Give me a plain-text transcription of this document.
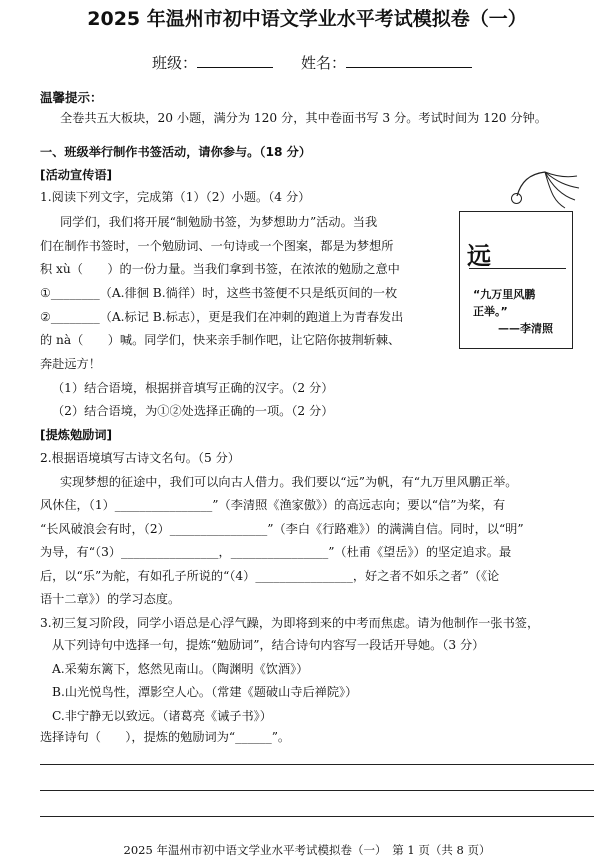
2025 年温州市初中语文学业水平考试模拟卷（一）
班级：	姓名：
温馨提示：
全卷共五大板块，20 小题，满分为 120 分，其中卷面书写 3 分。考试时间为 120 分钟。
一、班级举行制作书签活动，请你参与。（18 分）
[活动宣传语]
1.阅读下列文字，完成第（1）（2）小题。（4 分）
同学们，我们将开展“制勉励书签，为梦想助力”活动。当我
们在制作书签时，一个勉励词、一句诗或一个图案，都是为梦想所
积 xù（　　）的一份力量。当我们拿到书签，在浓浓的勉励之意中
①________（A.徘徊 B.徜徉）时，这些书签便不只是纸页间的一枚
②________（A.标记 B.标志），更是我们在冲刺的跑道上为青春发出
的 nà（　　）喊。同学们，快来亲手制作吧，让它陪你披荆斩棘、
奔赴远方！
（1）结合语境，根据拼音填写正确的汉字。（2 分）
（2）结合语境，为①②处选择正确的一项。（2 分）
远
“九万里风鹏
正举。”
——李清照
[提炼勉励词]
2.根据语境填写古诗文名句。（5 分）
实现梦想的征途中，我们可以向古人借力。我们要以“远”为帆，有“九万里风鹏正举。
风休住，（1）________________”（李清照《渔家傲》）的高远志向；要以“信”为桨，有
“长风破浪会有时，（2）________________”（李白《行路难》）的满满自信。同时，以“明”
为导，有“（3）________________，________________”（杜甫《望岳》）的坚定追求。最
后，以“乐”为舵，有如孔子所说的“（4）________________，好之者不如乐之者”（《论
语十二章》）的学习态度。
3.初三复习阶段，同学小语总是心浮气躁，为即将到来的中考而焦虑。请为他制作一张书签，
从下列诗句中选择一句，提炼“勉励词”，结合诗句内容写一段话开导她。（3 分）
A.采菊东篱下，悠然见南山。（陶渊明《饮酒》）
B.山光悦鸟性，潭影空人心。（常建《题破山寺后禅院》）
C.非宁静无以致远。（诸葛亮《诫子书》）
选择诗句（　　），提炼的勉励词为“______”。
2025 年温州市初中语文学业水平考试模拟卷（一）　第 1 页（共 8 页）
